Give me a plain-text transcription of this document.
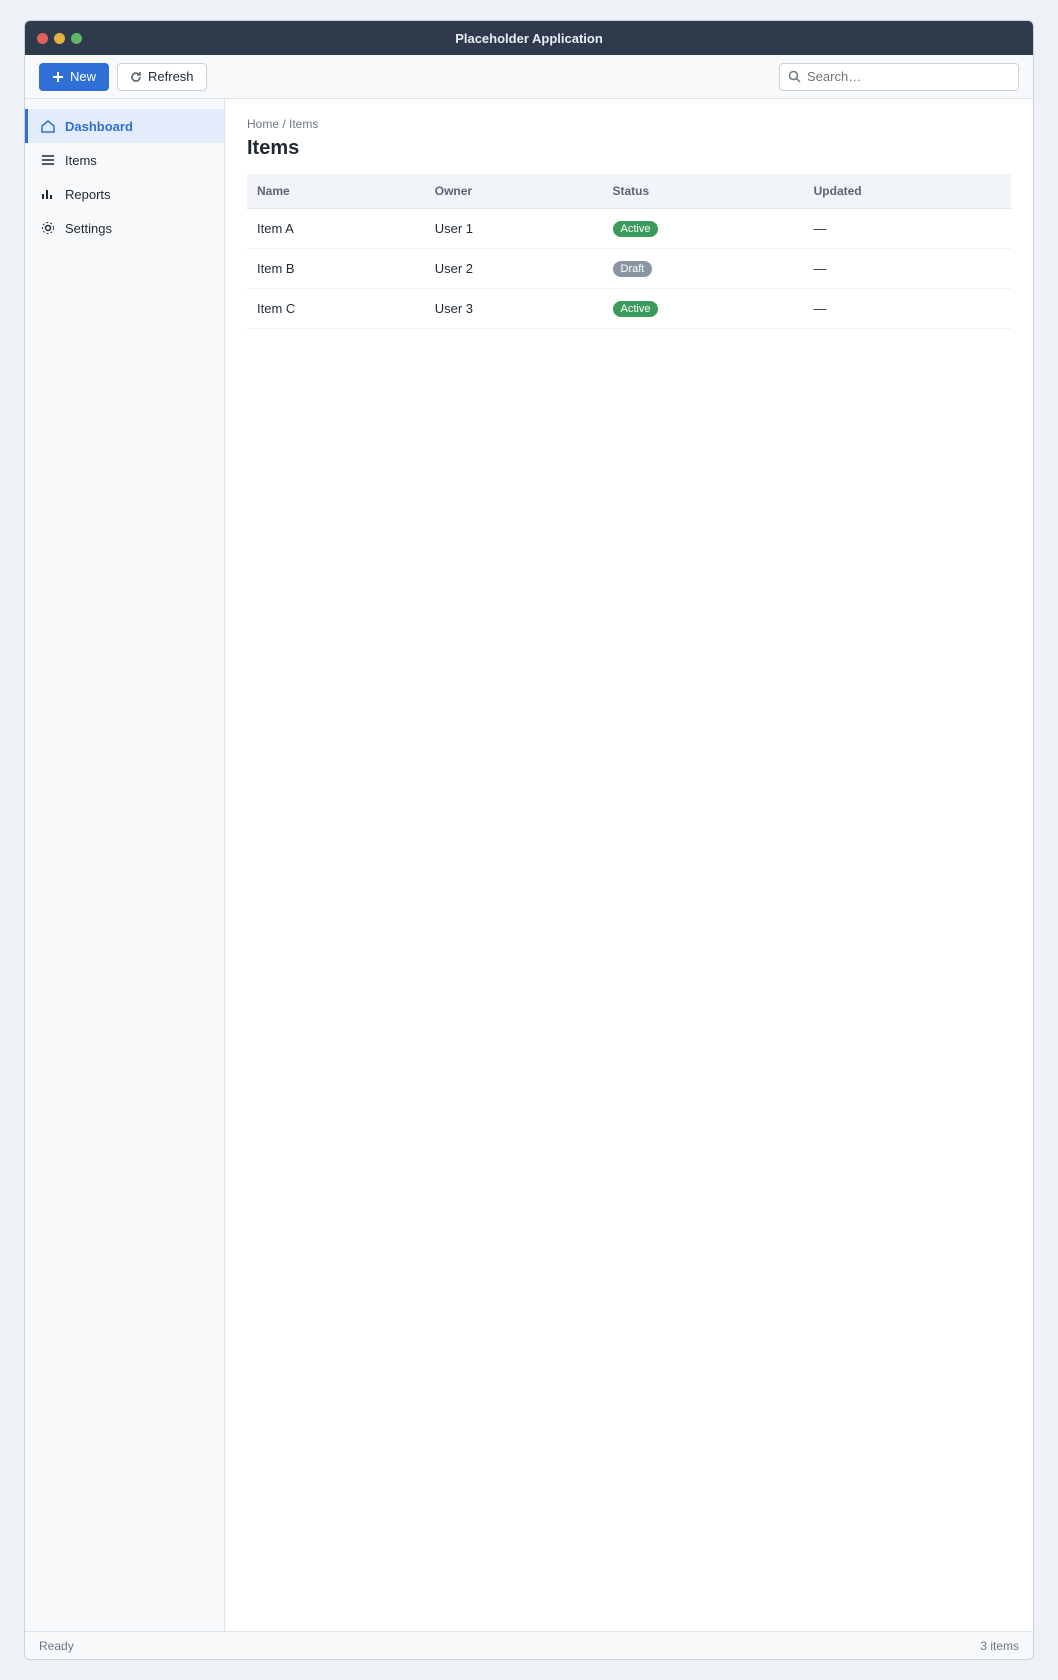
Placeholder Application
New	Refresh
Search…
Dashboard
Items
Reports
Settings
Home / Items
Items
Name	Owner	Status	Updated
Item A	User 1	Active	—
Item B	User 2	Draft	—
Item C	User 3	Active	—
Ready	3 items
